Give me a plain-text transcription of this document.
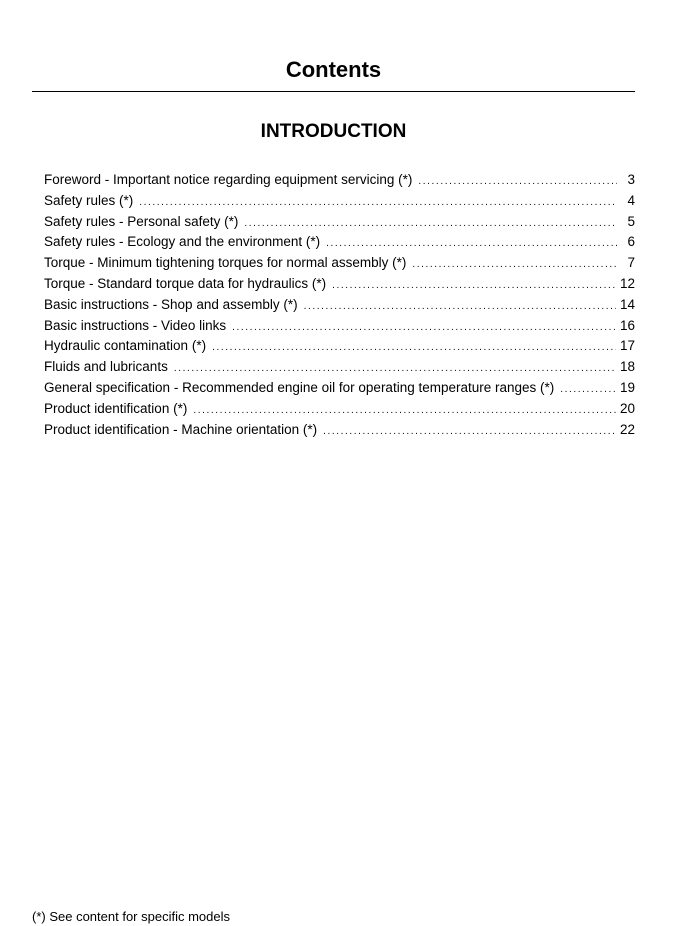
Contents
INTRODUCTION
Foreword - Important notice regarding equipment servicing (*) .....	3
Safety rules (*) .....	4
Safety rules - Personal safety (*) .....	5
Safety rules - Ecology and the environment (*) .....	6
Torque - Minimum tightening torques for normal assembly (*) .....	7
Torque - Standard torque data for hydraulics (*) .....	12
Basic instructions - Shop and assembly (*) .....	14
Basic instructions - Video links .....	16
Hydraulic contamination (*) .....	17
Fluids and lubricants .....	18
General specification - Recommended engine oil for operating temperature ranges (*) .....	19
Product identification (*) .....	20
Product identification - Machine orientation (*) .....	22
(*) See content for specific models
